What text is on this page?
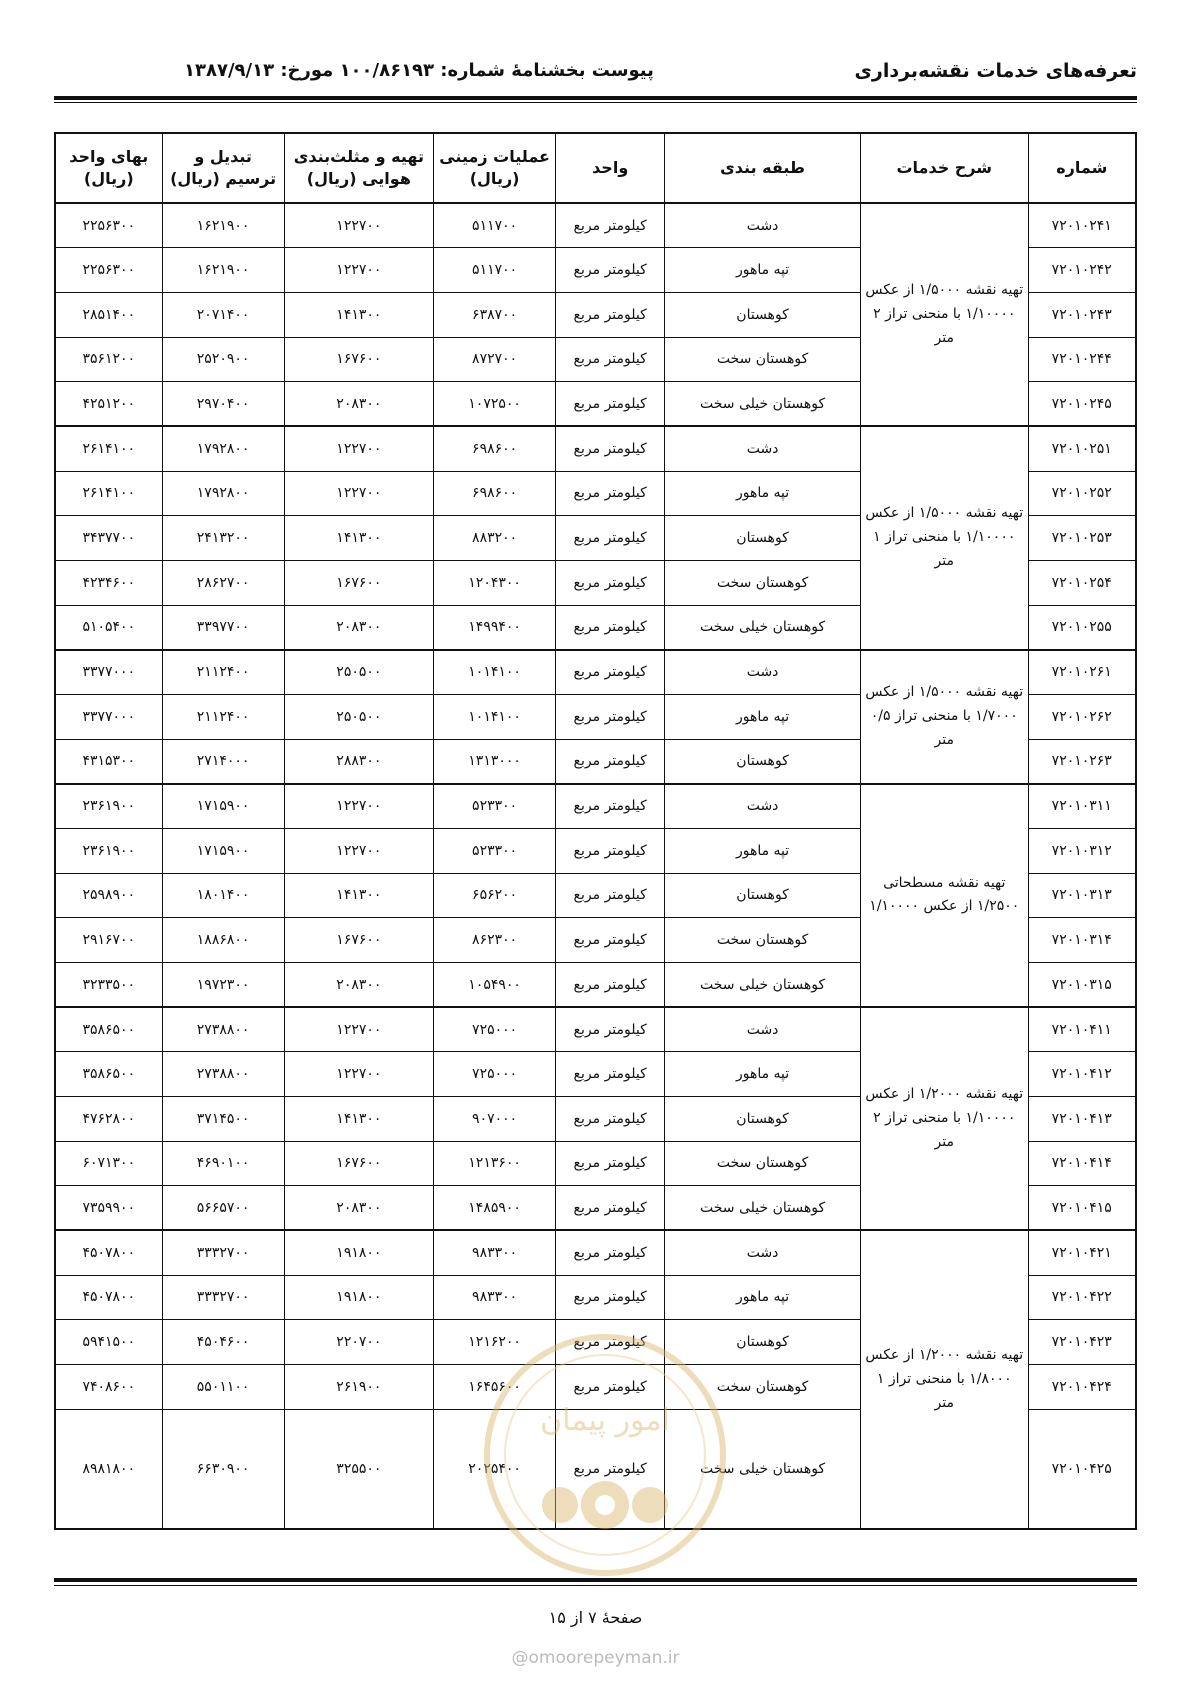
تعرفه‌های خدمات نقشه‌برداری
پیوست بخشنامهٔ شماره: ۱۰۰/۸۶۱۹۳ مورخ: ۱۳۸۷/۹/۱۳
شماره	شرح خدمات	طبقه بندی	واحد	عملیات زمینی (ریال)	تهیه و مثلث‌بندی هوایی (ریال)	تبدیل و ترسیم (ریال)	بهای واحد (ریال)
۷۲۰۱۰۲۴۱	تهیه نقشه ۱/۵۰۰۰ از عکس ۱/۱۰۰۰۰ با منحنی تراز ۲ متر	دشت	کیلومتر مربع	۵۱۱۷۰۰	۱۲۲۷۰۰	۱۶۲۱۹۰۰	۲۲۵۶۳۰۰
۷۲۰۱۰۲۴۲		تپه ماهور	کیلومتر مربع	۵۱۱۷۰۰	۱۲۲۷۰۰	۱۶۲۱۹۰۰	۲۲۵۶۳۰۰
۷۲۰۱۰۲۴۳		کوهستان	کیلومتر مربع	۶۳۸۷۰۰	۱۴۱۳۰۰	۲۰۷۱۴۰۰	۲۸۵۱۴۰۰
۷۲۰۱۰۲۴۴		کوهستان سخت	کیلومتر مربع	۸۷۲۷۰۰	۱۶۷۶۰۰	۲۵۲۰۹۰۰	۳۵۶۱۲۰۰
۷۲۰۱۰۲۴۵		کوهستان خیلی سخت	کیلومتر مربع	۱۰۷۲۵۰۰	۲۰۸۳۰۰	۲۹۷۰۴۰۰	۴۲۵۱۲۰۰
۷۲۰۱۰۲۵۱	تهیه نقشه ۱/۵۰۰۰ از عکس ۱/۱۰۰۰۰ با منحنی تراز ۱ متر	دشت	کیلومتر مربع	۶۹۸۶۰۰	۱۲۲۷۰۰	۱۷۹۲۸۰۰	۲۶۱۴۱۰۰
۷۲۰۱۰۲۵۲		تپه ماهور	کیلومتر مربع	۶۹۸۶۰۰	۱۲۲۷۰۰	۱۷۹۲۸۰۰	۲۶۱۴۱۰۰
۷۲۰۱۰۲۵۳		کوهستان	کیلومتر مربع	۸۸۳۲۰۰	۱۴۱۳۰۰	۲۴۱۳۲۰۰	۳۴۳۷۷۰۰
۷۲۰۱۰۲۵۴		کوهستان سخت	کیلومتر مربع	۱۲۰۴۳۰۰	۱۶۷۶۰۰	۲۸۶۲۷۰۰	۴۲۳۴۶۰۰
۷۲۰۱۰۲۵۵		کوهستان خیلی سخت	کیلومتر مربع	۱۴۹۹۴۰۰	۲۰۸۳۰۰	۳۳۹۷۷۰۰	۵۱۰۵۴۰۰
۷۲۰۱۰۲۶۱	تهیه نقشه ۱/۵۰۰۰ از عکس ۱/۷۰۰۰ با منحنی تراز ۰/۵ متر	دشت	کیلومتر مربع	۱۰۱۴۱۰۰	۲۵۰۵۰۰	۲۱۱۲۴۰۰	۳۳۷۷۰۰۰
۷۲۰۱۰۲۶۲		تپه ماهور	کیلومتر مربع	۱۰۱۴۱۰۰	۲۵۰۵۰۰	۲۱۱۲۴۰۰	۳۳۷۷۰۰۰
۷۲۰۱۰۲۶۳		کوهستان	کیلومتر مربع	۱۳۱۳۰۰۰	۲۸۸۳۰۰	۲۷۱۴۰۰۰	۴۳۱۵۳۰۰
۷۲۰۱۰۳۱۱	تهیه نقشه مسطحاتی ۱/۲۵۰۰ از عکس ۱/۱۰۰۰۰	دشت	کیلومتر مربع	۵۲۳۳۰۰	۱۲۲۷۰۰	۱۷۱۵۹۰۰	۲۳۶۱۹۰۰
۷۲۰۱۰۳۱۲		تپه ماهور	کیلومتر مربع	۵۲۳۳۰۰	۱۲۲۷۰۰	۱۷۱۵۹۰۰	۲۳۶۱۹۰۰
۷۲۰۱۰۳۱۳		کوهستان	کیلومتر مربع	۶۵۶۲۰۰	۱۴۱۳۰۰	۱۸۰۱۴۰۰	۲۵۹۸۹۰۰
۷۲۰۱۰۳۱۴		کوهستان سخت	کیلومتر مربع	۸۶۲۳۰۰	۱۶۷۶۰۰	۱۸۸۶۸۰۰	۲۹۱۶۷۰۰
۷۲۰۱۰۳۱۵		کوهستان خیلی سخت	کیلومتر مربع	۱۰۵۴۹۰۰	۲۰۸۳۰۰	۱۹۷۲۳۰۰	۳۲۳۳۵۰۰
۷۲۰۱۰۴۱۱	تهیه نقشه ۱/۲۰۰۰ از عکس ۱/۱۰۰۰۰ با منحنی تراز ۲ متر	دشت	کیلومتر مربع	۷۲۵۰۰۰	۱۲۲۷۰۰	۲۷۳۸۸۰۰	۳۵۸۶۵۰۰
۷۲۰۱۰۴۱۲		تپه ماهور	کیلومتر مربع	۷۲۵۰۰۰	۱۲۲۷۰۰	۲۷۳۸۸۰۰	۳۵۸۶۵۰۰
۷۲۰۱۰۴۱۳		کوهستان	کیلومتر مربع	۹۰۷۰۰۰	۱۴۱۳۰۰	۳۷۱۴۵۰۰	۴۷۶۲۸۰۰
۷۲۰۱۰۴۱۴		کوهستان سخت	کیلومتر مربع	۱۲۱۳۶۰۰	۱۶۷۶۰۰	۴۶۹۰۱۰۰	۶۰۷۱۳۰۰
۷۲۰۱۰۴۱۵		کوهستان خیلی سخت	کیلومتر مربع	۱۴۸۵۹۰۰	۲۰۸۳۰۰	۵۶۶۵۷۰۰	۷۳۵۹۹۰۰
۷۲۰۱۰۴۲۱	تهیه نقشه ۱/۲۰۰۰ از عکس ۱/۸۰۰۰ با منحنی تراز ۱ متر	دشت	کیلومتر مربع	۹۸۳۳۰۰	۱۹۱۸۰۰	۳۳۳۲۷۰۰	۴۵۰۷۸۰۰
۷۲۰۱۰۴۲۲		تپه ماهور	کیلومتر مربع	۹۸۳۳۰۰	۱۹۱۸۰۰	۳۳۳۲۷۰۰	۴۵۰۷۸۰۰
۷۲۰۱۰۴۲۳		کوهستان	کیلومتر مربع	۱۲۱۶۲۰۰	۲۲۰۷۰۰	۴۵۰۴۶۰۰	۵۹۴۱۵۰۰
۷۲۰۱۰۴۲۴		کوهستان سخت	کیلومتر مربع	۱۶۴۵۶۰۰	۲۶۱۹۰۰	۵۵۰۱۱۰۰	۷۴۰۸۶۰۰
۷۲۰۱۰۴۲۵		کوهستان خیلی سخت	کیلومتر مربع	۲۰۲۵۴۰۰	۳۲۵۵۰۰	۶۶۳۰۹۰۰	۸۹۸۱۸۰۰
امور پیمان
صفحهٔ ۷ از ۱۵
@omoorepeyman.ir
